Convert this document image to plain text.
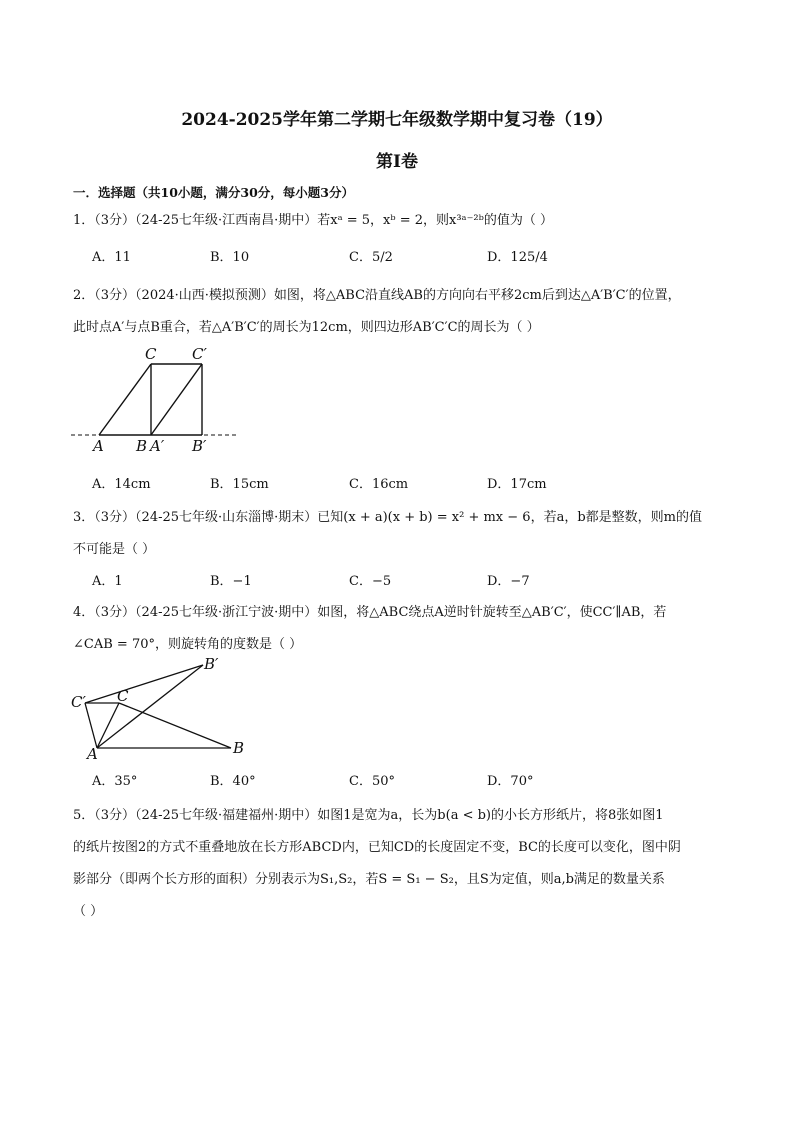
2024-2025学年第二学期七年级数学期中复习卷（19）
第Ⅰ卷
一．选择题（共10小题，满分30分，每小题3分）
1．（3分）（24-25七年级·江西南昌·期中）若xᵃ = 5，xᵇ = 2，则x³ᵃ⁻²ᵇ的值为（ ）
A．11	B．10	C．5/2	D．125/4
2．（3分）（2024·山西·模拟预测）如图，将△ABC沿直线AB的方向向右平移2cm后到达△A′B′C′的位置，
此时点A′与点B重合，若△A′B′C′的周长为12cm，则四边形AB′C′C的周长为（ ）
C C′
A B A′ B′
A．14cm	B．15cm	C．16cm	D．17cm
3．（3分）（24-25七年级·山东淄博·期末）已知(x + a)(x + b) = x² + mx − 6，若a，b都是整数，则m的值
不可能是（ ）
A．1	B．−1	C．−5	D．−7
4．（3分）（24-25七年级·浙江宁波·期中）如图，将△ABC绕点A逆时针旋转至△AB′C′，使CC′∥AB，若
∠CAB = 70°，则旋转角的度数是（ ）
B′
C′ C
A	B
A．35°	B．40°	C．50°	D．70°
5．（3分）（24-25七年级·福建福州·期中）如图1是宽为a，长为b(a < b)的小长方形纸片，将8张如图1
的纸片按图2的方式不重叠地放在长方形ABCD内，已知CD的长度固定不变，BC的长度可以变化，图中阴
影部分（即两个长方形的面积）分别表示为S₁,S₂，若S = S₁ − S₂，且S为定值，则a,b满足的数量关系
（ ）
